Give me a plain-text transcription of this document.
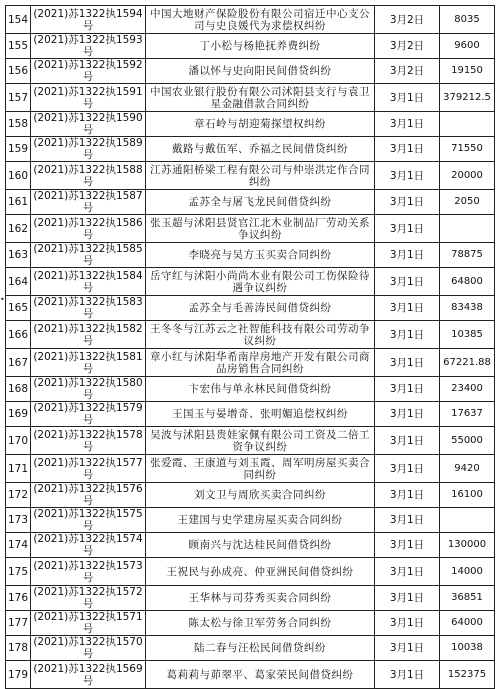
•
154	(2021)苏1322执1594号	中国大地财产保险股份有限公司宿迁中心支公司与史良媛代为求偿权纠纷	3月2日	8035
155	(2021)苏1322执1593号	丁小松与杨艳抚养费纠纷	3月2日	9600
156	(2021)苏1322执1592号	潘以怀与史向阳民间借贷纠纷	3月2日	19150
157	(2021)苏1322执1591号	中国农业银行股份有限公司沭阳县支行与袁卫星金融借款合同纠纷	3月1日	379212.5
158	(2021)苏1322执1590号	章石岭与胡迎菊探望权纠纷	3月1日	
159	(2021)苏1322执1589号	戴路与戴伍军、乔福之民间借贷纠纷	3月1日	71550
160	(2021)苏1322执1588号	江苏通阳桥梁工程有限公司与仲崇洪定作合同纠纷	3月1日	20000
161	(2021)苏1322执1587号	孟苏全与屠飞龙民间借贷纠纷	3月1日	2050
162	(2021)苏1322执1586号	张玉超与沭阳县贤官江北木业制品厂劳动关系争议纠纷	3月1日	
163	(2021)苏1322执1585号	李晓亮与吴方玉买卖合同纠纷	3月1日	78875
164	(2021)苏1322执1584号	岳守红与沭阳小尚尚木业有限公司工伤保险待遇争议纠纷	3月1日	64800
165	(2021)苏1322执1583号	孟苏全与毛善涛民间借贷纠纷	3月1日	83438
166	(2021)苏1322执1582号	王冬冬与江苏云之社智能科技有限公司劳动争议纠纷	3月1日	10385
167	(2021)苏1322执1581号	章小红与沭阳华希南岸房地产开发有限公司商品房销售合同纠纷	3月1日	67221.88
168	(2021)苏1322执1580号	卞宏伟与单永林民间借贷纠纷	3月1日	23400
169	(2021)苏1322执1579号	王国玉与晏增奇、张明媚追偿权纠纷	3月1日	17637
170	(2021)苏1322执1578号	吴波与沭阳县贵娃家佩有限公司工资及二倍工资争议纠纷	3月1日	55000
171	(2021)苏1322执1577号	张爱霞、王康道与刘玉霞、周军明房屋买卖合同纠纷	3月1日	9420
172	(2021)苏1322执1576号	刘文卫与周欣买卖合同纠纷	3月1日	16100
173	(2021)苏1322执1575号	王建国与史学建房屋买卖合同纠纷	3月1日	
174	(2021)苏1322执1574号	顾南兴与沈达桂民间借贷纠纷	3月1日	130000
175	(2021)苏1322执1573号	王祝民与孙成亮、仲亚洲民间借贷纠纷	3月1日	14000
176	(2021)苏1322执1572号	王华林与司芬秀买卖合同纠纷	3月1日	36851
177	(2021)苏1322执1571号	陈太松与徐卫军劳务合同纠纷	3月1日	64000
178	(2021)苏1322执1570号	陆二春与汪松民间借贷纠纷	3月1日	10038
179	(2021)苏1322执1569号	葛莉莉与茆翠平、葛家荣民间借贷纠纷	3月1日	152375
